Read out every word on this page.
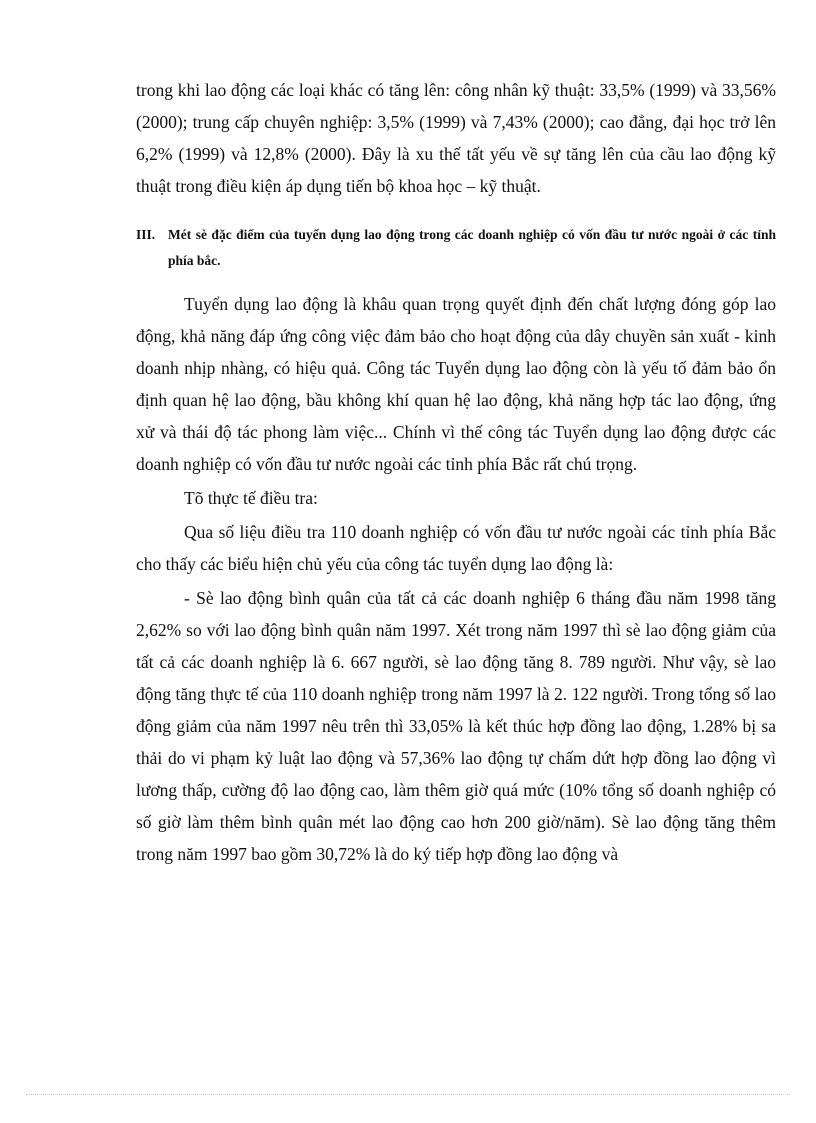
trong khi lao động các loại khác có tăng lên: công nhân kỹ thuật: 33,5% (1999) và 33,56% (2000); trung cấp chuyên nghiệp: 3,5% (1999) và 7,43% (2000); cao đẳng, đại học trở lên 6,2% (1999) và 12,8% (2000). Đây là xu thế tất yếu về sự tăng lên của cầu lao động kỹ thuật trong điều kiện áp dụng tiến bộ khoa học – kỹ thuật.

III. Mét sè đặc điểm của tuyển dụng lao động trong các doanh nghiệp có vốn đầu tư nước ngoài ở các tỉnh phía bắc.

Tuyển dụng lao động là khâu quan trọng quyết định đến chất lượng đóng góp lao động, khả năng đáp ứng công việc đảm bảo cho hoạt động của dây chuyền sản xuất - kinh doanh nhịp nhàng, có hiệu quả. Công tác Tuyển dụng lao động còn là yếu tố đảm bảo ổn định quan hệ lao động, bầu không khí quan hệ lao động, khả năng hợp tác lao động, ứng xử và thái độ tác phong làm việc... Chính vì thế công tác Tuyển dụng lao động được các doanh nghiệp có vốn đầu tư nước ngoài các tỉnh phía Bắc rất chú trọng.

Tõ thực tế điều tra:

Qua số liệu điều tra 110 doanh nghiệp có vốn đầu tư nước ngoài các tỉnh phía Bắc cho thấy các biểu hiện chủ yếu của công tác tuyển dụng lao động là:

- Sè lao động bình quân của tất cả các doanh nghiệp 6 tháng đầu năm 1998 tăng 2,62% so với lao động bình quân năm 1997. Xét trong năm 1997 thì sè lao động giảm của tất cả các doanh nghiệp là 6. 667 người, sè lao động tăng 8. 789 người. Như vậy, sè lao động tăng thực tế của 110 doanh nghiệp trong năm 1997 là 2. 122 người. Trong tổng số lao động giảm của năm 1997 nêu trên thì 33,05% là kết thúc hợp đồng lao động, 1.28% bị sa thải do vi phạm kỷ luật lao động và 57,36% lao động tự chấm dứt hợp đồng lao động vì lương thấp, cường độ lao động cao, làm thêm giờ quá mức (10% tổng số doanh nghiệp có số giờ làm thêm bình quân mét lao động cao hơn 200 giờ/năm). Sè lao động tăng thêm trong năm 1997 bao gồm 30,72% là do ký tiếp hợp đồng lao động và
